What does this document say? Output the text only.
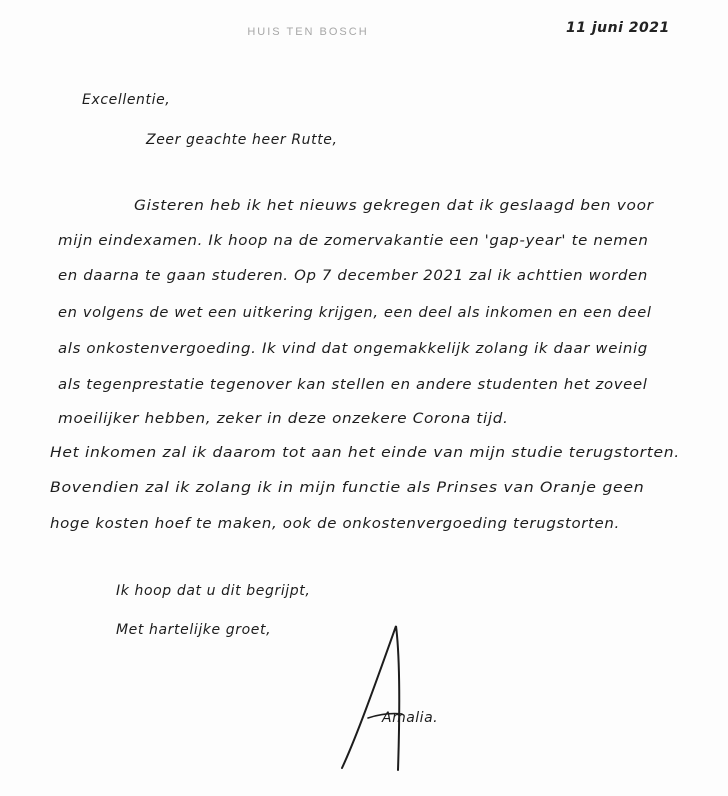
HUIS TEN BOSCH	11 juni 2021
Excellentie,
Zeer geachte heer Rutte,
Gisteren heb ik het nieuws gekregen dat ik geslaagd ben voor
mijn eindexamen. Ik hoop na de zomervakantie een 'gap-year' te nemen
en daarna te gaan studeren. Op 7 december 2021 zal ik achttien worden
en volgens de wet een uitkering krijgen, een deel als inkomen en een deel
als onkostenvergoeding. Ik vind dat ongemakkelijk zolang ik daar weinig
als tegenprestatie tegenover kan stellen en andere studenten het zoveel
moeilijker hebben, zeker in deze onzekere Corona tijd.
Het inkomen zal ik daarom tot aan het einde van mijn studie terugstorten.
Bovendien zal ik zolang ik in mijn functie als Prinses van Oranje geen
hoge kosten hoef te maken, ook de onkostenvergoeding terugstorten.
Ik hoop dat u dit begrijpt,
Met hartelijke groet,
Amalia.
